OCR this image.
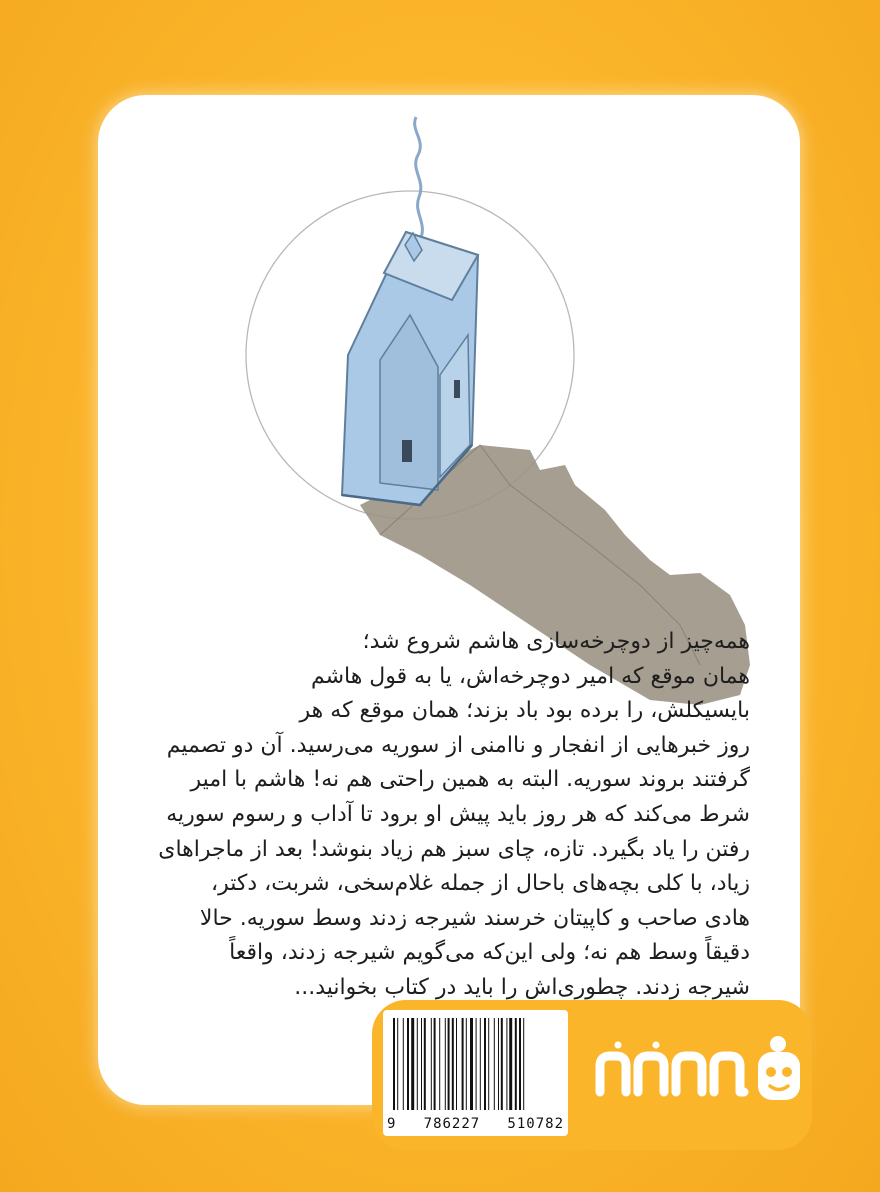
همه‌چیز از دوچرخه‌سازی هاشم شروع شد؛
همان موقع که امیر دوچرخه‌اش، یا به قول هاشم
بایسیکلش، را برده بود باد بزند؛ همان موقع که هر
روز خبرهایی از انفجار و ناامنی از سوریه می‌رسید. آن دو تصمیم
گرفتند بروند سوریه. البته به همین راحتی هم نه! هاشم با امیر
شرط می‌کند که هر روز باید پیش او برود تا آداب و رسوم سوریه
رفتن را یاد بگیرد. تازه، چای سبز هم زیاد بنوشد! بعد از ماجراهای
زیاد، با کلی بچه‌های باحال از جمله غلام‌سخی، شربت، دکتر،
هادی صاحب و کاپیتان خرسند شیرجه زدند وسط سوریه. حالا
دقیقاً وسط هم نه؛ ولی این‌که می‌گویم شیرجه زدند، واقعاً
شیرجه زدند. چطوری‌اش را باید در کتاب بخوانید...
9 786227 510782
قلقلک
